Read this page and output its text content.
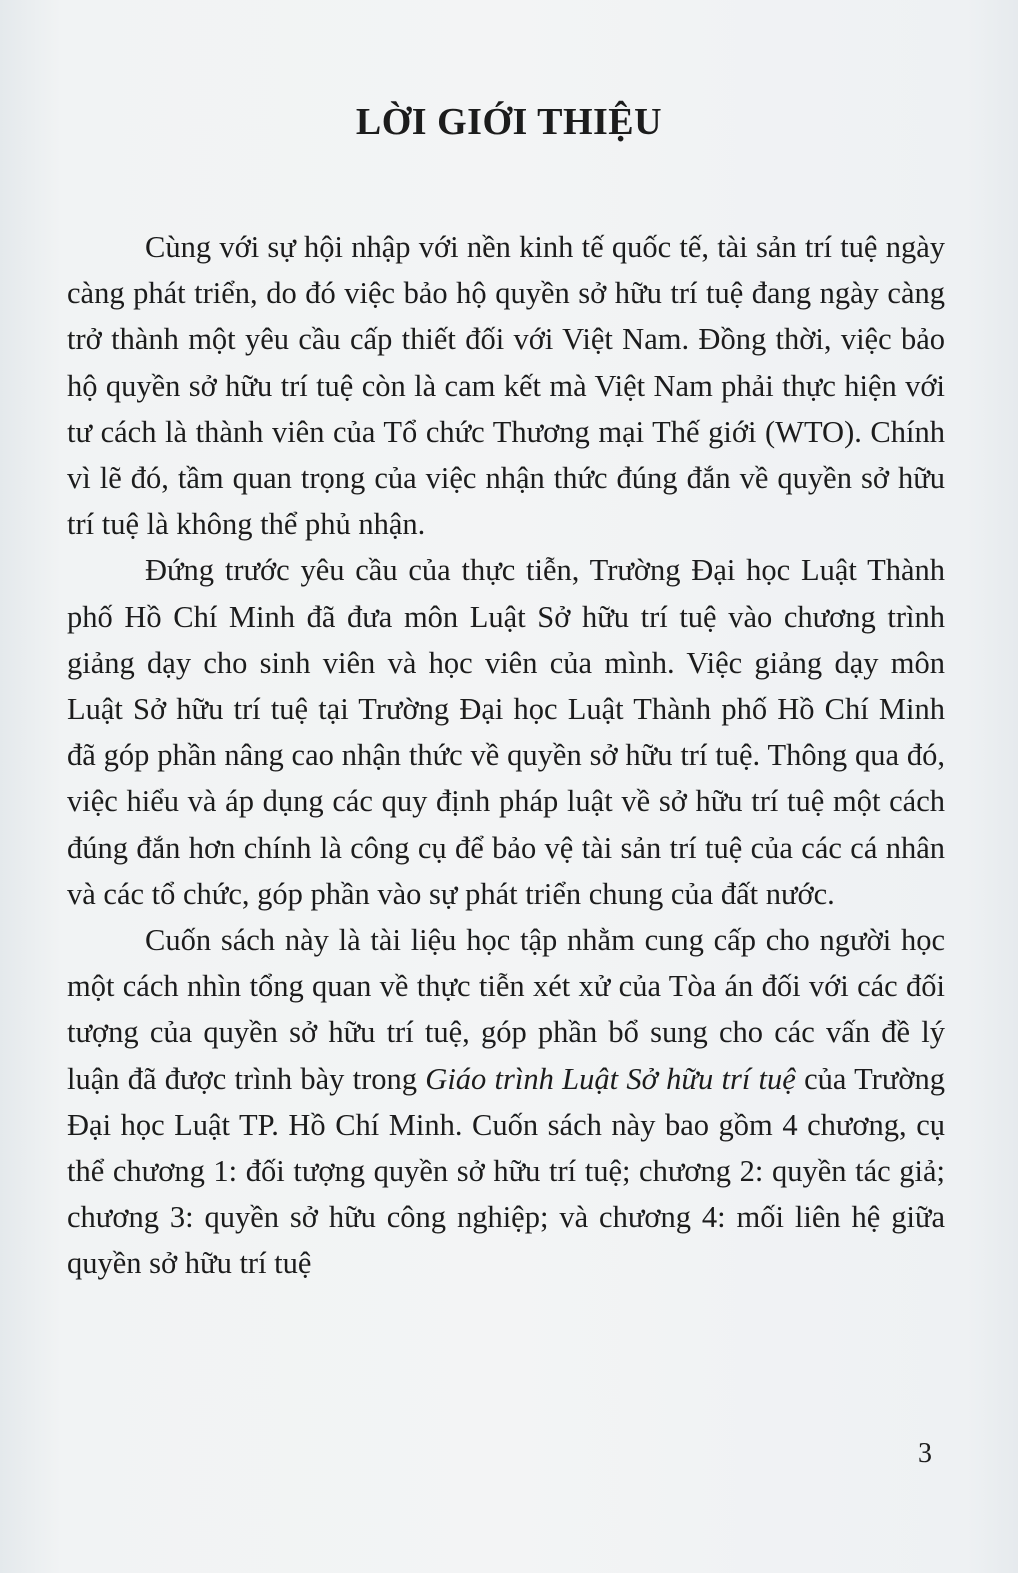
LỜI GIỚI THIỆU

Cùng với sự hội nhập với nền kinh tế quốc tế, tài sản trí tuệ ngày càng phát triển, do đó việc bảo hộ quyền sở hữu trí tuệ đang ngày càng trở thành một yêu cầu cấp thiết đối với Việt Nam. Đồng thời, việc bảo hộ quyền sở hữu trí tuệ còn là cam kết mà Việt Nam phải thực hiện với tư cách là thành viên của Tổ chức Thương mại Thế giới (WTO). Chính vì lẽ đó, tầm quan trọng của việc nhận thức đúng đắn về quyền sở hữu trí tuệ là không thể phủ nhận.

Đứng trước yêu cầu của thực tiễn, Trường Đại học Luật Thành phố Hồ Chí Minh đã đưa môn Luật Sở hữu trí tuệ vào chương trình giảng dạy cho sinh viên và học viên của mình. Việc giảng dạy môn Luật Sở hữu trí tuệ tại Trường Đại học Luật Thành phố Hồ Chí Minh đã góp phần nâng cao nhận thức về quyền sở hữu trí tuệ. Thông qua đó, việc hiểu và áp dụng các quy định pháp luật về sở hữu trí tuệ một cách đúng đắn hơn chính là công cụ để bảo vệ tài sản trí tuệ của các cá nhân và các tổ chức, góp phần vào sự phát triển chung của đất nước.

Cuốn sách này là tài liệu học tập nhằm cung cấp cho người học một cách nhìn tổng quan về thực tiễn xét xử của Tòa án đối với các đối tượng của quyền sở hữu trí tuệ, góp phần bổ sung cho các vấn đề lý luận đã được trình bày trong Giáo trình Luật Sở hữu trí tuệ của Trường Đại học Luật TP. Hồ Chí Minh. Cuốn sách này bao gồm 4 chương, cụ thể chương 1: đối tượng quyền sở hữu trí tuệ; chương 2: quyền tác giả; chương 3: quyền sở hữu công nghiệp; và chương 4: mối liên hệ giữa quyền sở hữu trí tuệ

3
